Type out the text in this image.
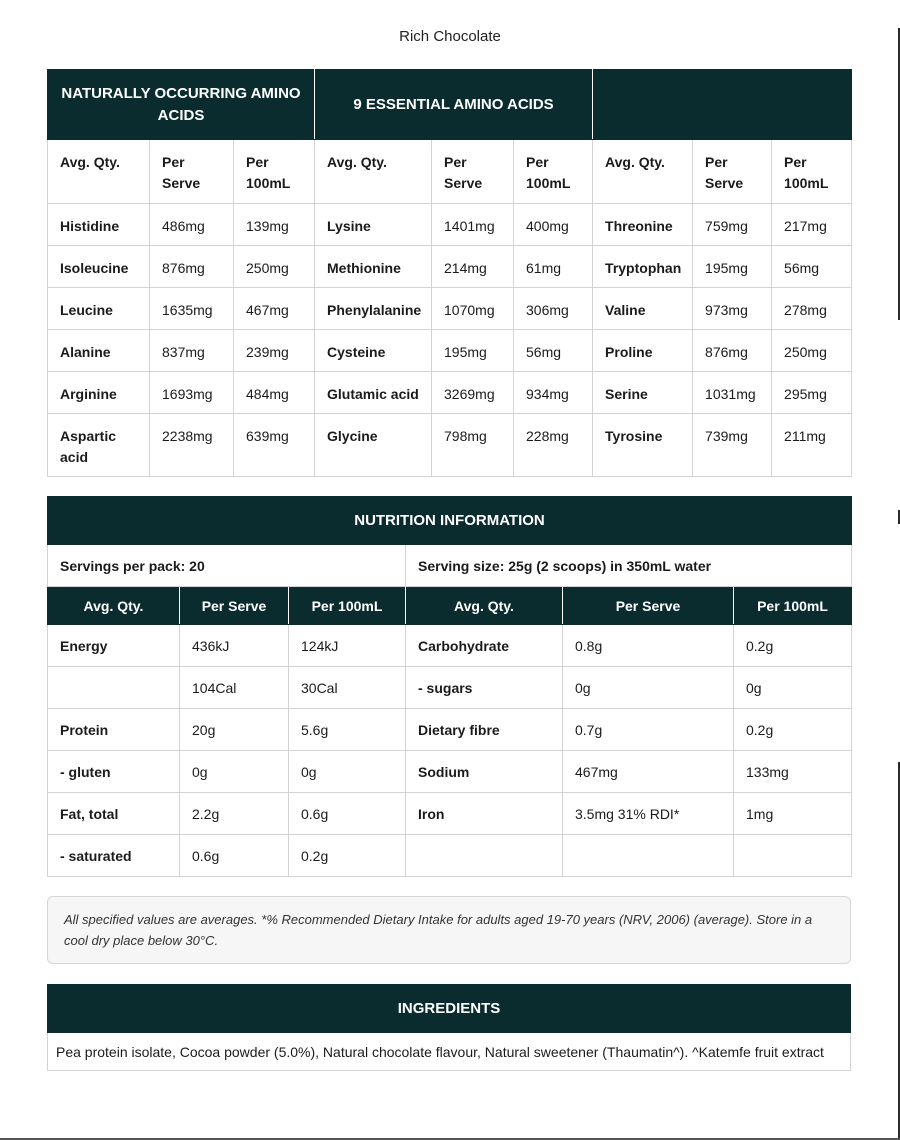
Rich Chocolate
NATURALLY OCCURRING AMINO ACIDS			9 ESSENTIAL AMINO ACIDS					
Avg. Qty.	Per Serve	Per 100mL	Avg. Qty.	Per Serve	Per 100mL	Avg. Qty.	Per Serve	Per 100mL
Histidine	486mg	139mg	Lysine	1401mg	400mg	Threonine	759mg	217mg
Isoleucine	876mg	250mg	Methionine	214mg	61mg	Tryptophan	195mg	56mg
Leucine	1635mg	467mg	Phenylalanine	1070mg	306mg	Valine	973mg	278mg
Alanine	837mg	239mg	Cysteine	195mg	56mg	Proline	876mg	250mg
Arginine	1693mg	484mg	Glutamic acid	3269mg	934mg	Serine	1031mg	295mg
Aspartic acid	2238mg	639mg	Glycine	798mg	228mg	Tyrosine	739mg	211mg
NUTRITION INFORMATION					
Servings per pack: 20			Serving size: 25g (2 scoops) in 350mL water		
Avg. Qty.	Per Serve	Per 100mL	Avg. Qty.	Per Serve	Per 100mL
Energy	436kJ	124kJ	Carbohydrate	0.8g	0.2g
	104Cal	30Cal	- sugars	0g	0g
Protein	20g	5.6g	Dietary fibre	0.7g	0.2g
- gluten	0g	0g	Sodium	467mg	133mg
Fat, total	2.2g	0.6g	Iron	3.5mg 31% RDI*	1mg
- saturated	0.6g	0.2g			
All specified values are averages. *% Recommended Dietary Intake for adults aged 19-70 years (NRV, 2006) (average). Store in a cool dry place below 30°C.
INGREDIENTS
Pea protein isolate, Cocoa powder (5.0%), Natural chocolate flavour, Natural sweetener (Thaumatin^). ^Katemfe fruit extract
